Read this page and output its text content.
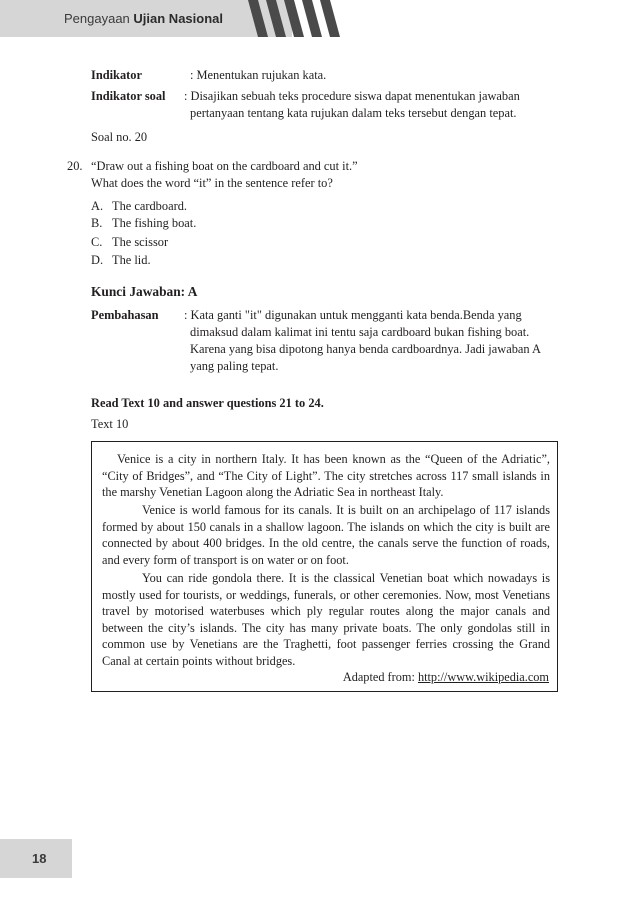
Pengayaan Ujian Nasional
Indikator	: Menentukan rujukan kata.
Indikator soal : Disajikan sebuah teks procedure siswa dapat menentukan jawaban
pertanyaan tentang kata rujukan dalam teks tersebut dengan tepat.
Soal no. 20
20. “Draw out a fishing boat on the cardboard and cut it.”
What does the word “it” in the sentence refer to?
A. The cardboard.
B. The fishing boat.
C. The scissor
D. The lid.
Kunci Jawaban: A
Pembahasan : Kata ganti "it" digunakan untuk mengganti kata benda.Benda yang
dimaksud dalam kalimat ini tentu saja cardboard bukan fishing boat.
Karena yang bisa dipotong hanya benda cardboardnya. Jadi jawaban A
yang paling tepat.
Read Text 10 and answer questions 21 to 24.
Text 10

Venice is a city in northern Italy. It has been known as the “Queen of the Adriatic”, “City of Bridges”, and “The City of Light”. The city stretches across 117 small islands in the marshy Venetian Lagoon along the Adriatic Sea in northeast Italy.

Venice is world famous for its canals. It is built on an archipelago of 117 islands formed by about 150 canals in a shallow lagoon. The islands on which the city is built are connected by about 400 bridges. In the old centre, the canals serve the function of roads, and every form of transport is on water or on foot.

You can ride gondola there. It is the classical Venetian boat which nowadays is mostly used for tourists, or weddings, funerals, or other ceremonies. Now, most Venetians travel by motorised waterbuses which ply regular routes along the major canals and between the city’s islands. The city has many private boats. The only gondolas still in common use by Venetians are the Traghetti, foot passenger ferries crossing the Grand Canal at certain points without bridges.

Adapted from: http://www.wikipedia.com
18
